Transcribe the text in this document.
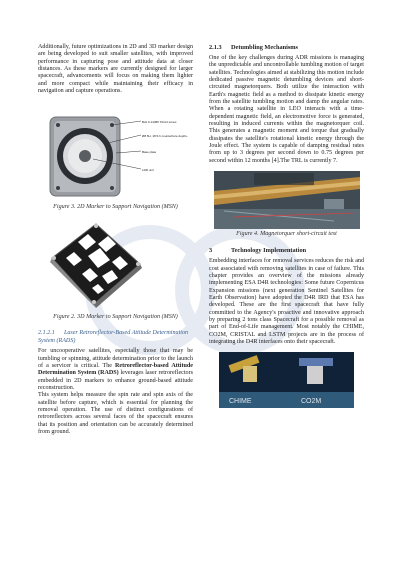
Additionally, future optimizations in 2D and 3D marker design are being developed to suit smaller satellites, with improved performance in capturing pose and attitude data at closer distances. As these markers are currently designed for larger spacecraft, advancements will focus on making them lighter and more compact while maintaining their efficacy in navigation and capture operations.

Bolt 0.14486 TA/A4 screw
Ø8.5H, 18.5-h counterbore depth+
Base plate
LRR unit
Figure 3. 2D Marker to Support Navigation (MSN)
Figure 2. 3D Marker to Support Navigation (MSN)
2.1.2.1 Laser Retroreflector-Based Attitude Determination System (RADS)

For uncooperative satellites, especially those that may be tumbling or spinning, attitude determination prior to the launch of a servicer is critical. The Retroreflector-based Attitude Determination System (RADS) leverages laser retroreflectors embedded in 2D markers to enhance ground-based attitude reconstruction.

This system helps measure the spin rate and spin axis of the satellite before capture, which is essential for planning the removal operation. The use of distinct configurations of retroreflectors across several faces of the spacecraft ensures that its position and orientation can be accurately determined from ground.

2.1.3 Detumbling Mechanisms

One of the key challenges during ADR missions is managing the unpredictable and uncontrollable tumbling motion of target satellites. Technologies aimed at stabilizing this motion include dedicated passive magnetic detumbling devices and short-circuited magnetorquers. Both utilize the interaction with Earth's magnetic field as a method to dissipate kinetic energy from the satellite tumbling motion and damp the angular rates. When a rotating satellite in LEO interacts with a time-dependent magnetic field, an electromotive force is generated, resulting in induced currents within the magnetorquer coil. This generates a magnetic moment and torque that gradually dissipates the satellite's rotational kinetic energy through the Joule effect. The system is capable of damping residual rates from up to 3 degrees per second down to 0.75 degrees per second within 12 months [4].The TRL is currently 7.

Figure 4. Magnetorquer short-circuit test
3	Technology Implementation

Embedding interfaces for removal services reduces the risk and cost associated with removing satellites in case of failure. This chapter provides an overview of the missions already implementing ESA D4R technologies: Some future Copernicus Expansion missions (next generation Sentinel Satellites for Earth Observation) have adopted the D4R IRD that ESA has developed. These are the first spacecraft that have fully committed to the Agency's proactive and innovative approach by preparing 2 tons class Spacecraft for a possible removal as part of End-of-Life management. Most notably the CHIME, CO2M, CRISTAL and LSTM projects are in the process of integrating the D4R interfaces onto their spacecraft.

CHIME	CO2M
